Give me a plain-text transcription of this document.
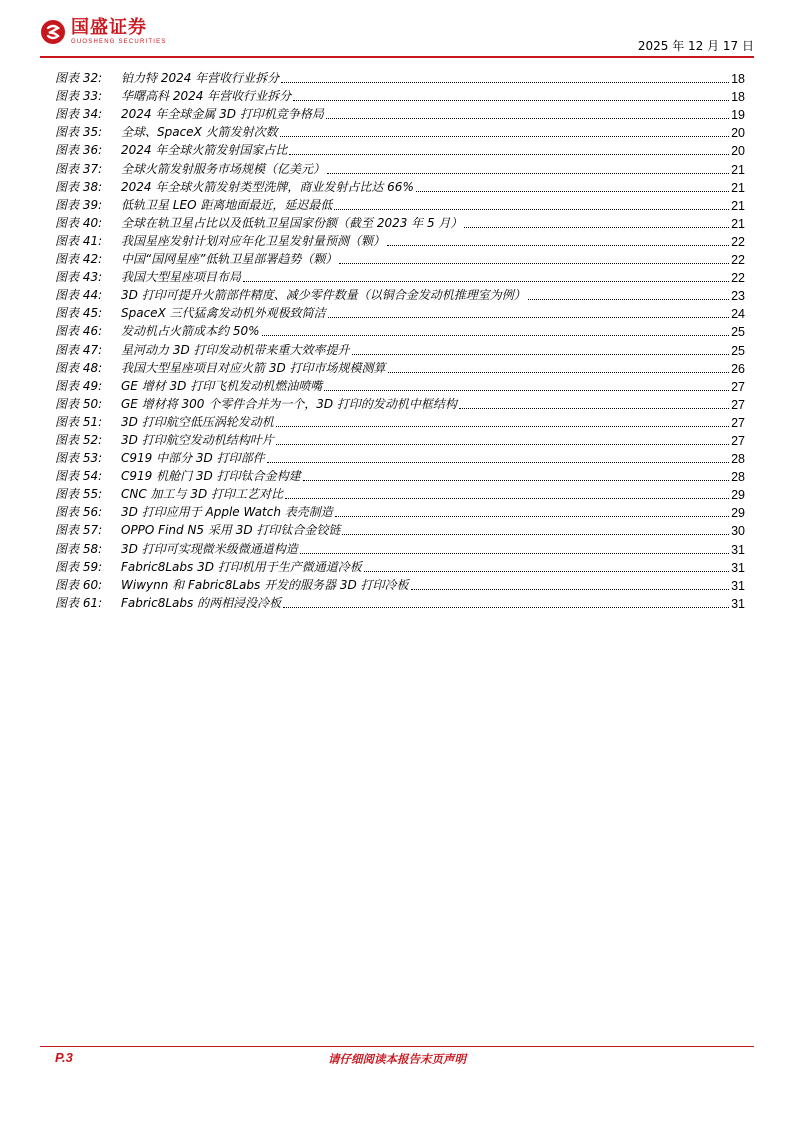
国盛证券
GUOSHENG SECURITIES	2025 年 12 月 17 日
图表 32:	铂力特 2024 年营收行业拆分	18
图表 33:	华曙高科 2024 年营收行业拆分	18
图表 34:	2024 年全球金属 3D 打印机竞争格局	19
图表 35:	全球、SpaceX 火箭发射次数	20
图表 36:	2024 年全球火箭发射国家占比	20
图表 37:	全球火箭发射服务市场规模（亿美元）	21
图表 38:	2024 年全球火箭发射类型洗牌，商业发射占比达 66%	21
图表 39:	低轨卫星 LEO 距离地面最近，延迟最低	21
图表 40:	全球在轨卫星占比以及低轨卫星国家份额（截至 2023 年 5 月）	21
图表 41:	我国星座发射计划对应年化卫星发射量预测（颗）	22
图表 42:	中国“国网星座”低轨卫星部署趋势（颗）	22
图表 43:	我国大型星座项目布局	22
图表 44:	3D 打印可提升火箭部件精度、减少零件数量（以铜合金发动机推理室为例）	23
图表 45:	SpaceX 三代猛禽发动机外观极致简洁	24
图表 46:	发动机占火箭成本约 50%	25
图表 47:	星河动力 3D 打印发动机带来重大效率提升	25
图表 48:	我国大型星座项目对应火箭 3D 打印市场规模测算	26
图表 49:	GE 增材 3D 打印飞机发动机燃油喷嘴	27
图表 50:	GE 增材将 300 个零件合并为一个，3D 打印的发动机中框结构	27
图表 51:	3D 打印航空低压涡轮发动机	27
图表 52:	3D 打印航空发动机结构叶片	27
图表 53:	C919 中部分 3D 打印部件	28
图表 54:	C919 机舱门 3D 打印钛合金构建	28
图表 55:	CNC 加工与 3D 打印工艺对比	29
图表 56:	3D 打印应用于 Apple Watch 表壳制造	29
图表 57:	OPPO Find N5 采用 3D 打印钛合金铰链	30
图表 58:	3D 打印可实现微米级微通道构造	31
图表 59:	Fabric8Labs 3D 打印机用于生产微通道冷板	31
图表 60:	Wiwynn 和 Fabric8Labs 开发的服务器 3D 打印冷板	31
图表 61:	Fabric8Labs 的两相浸没冷板	31
P.3	请仔细阅读本报告末页声明
